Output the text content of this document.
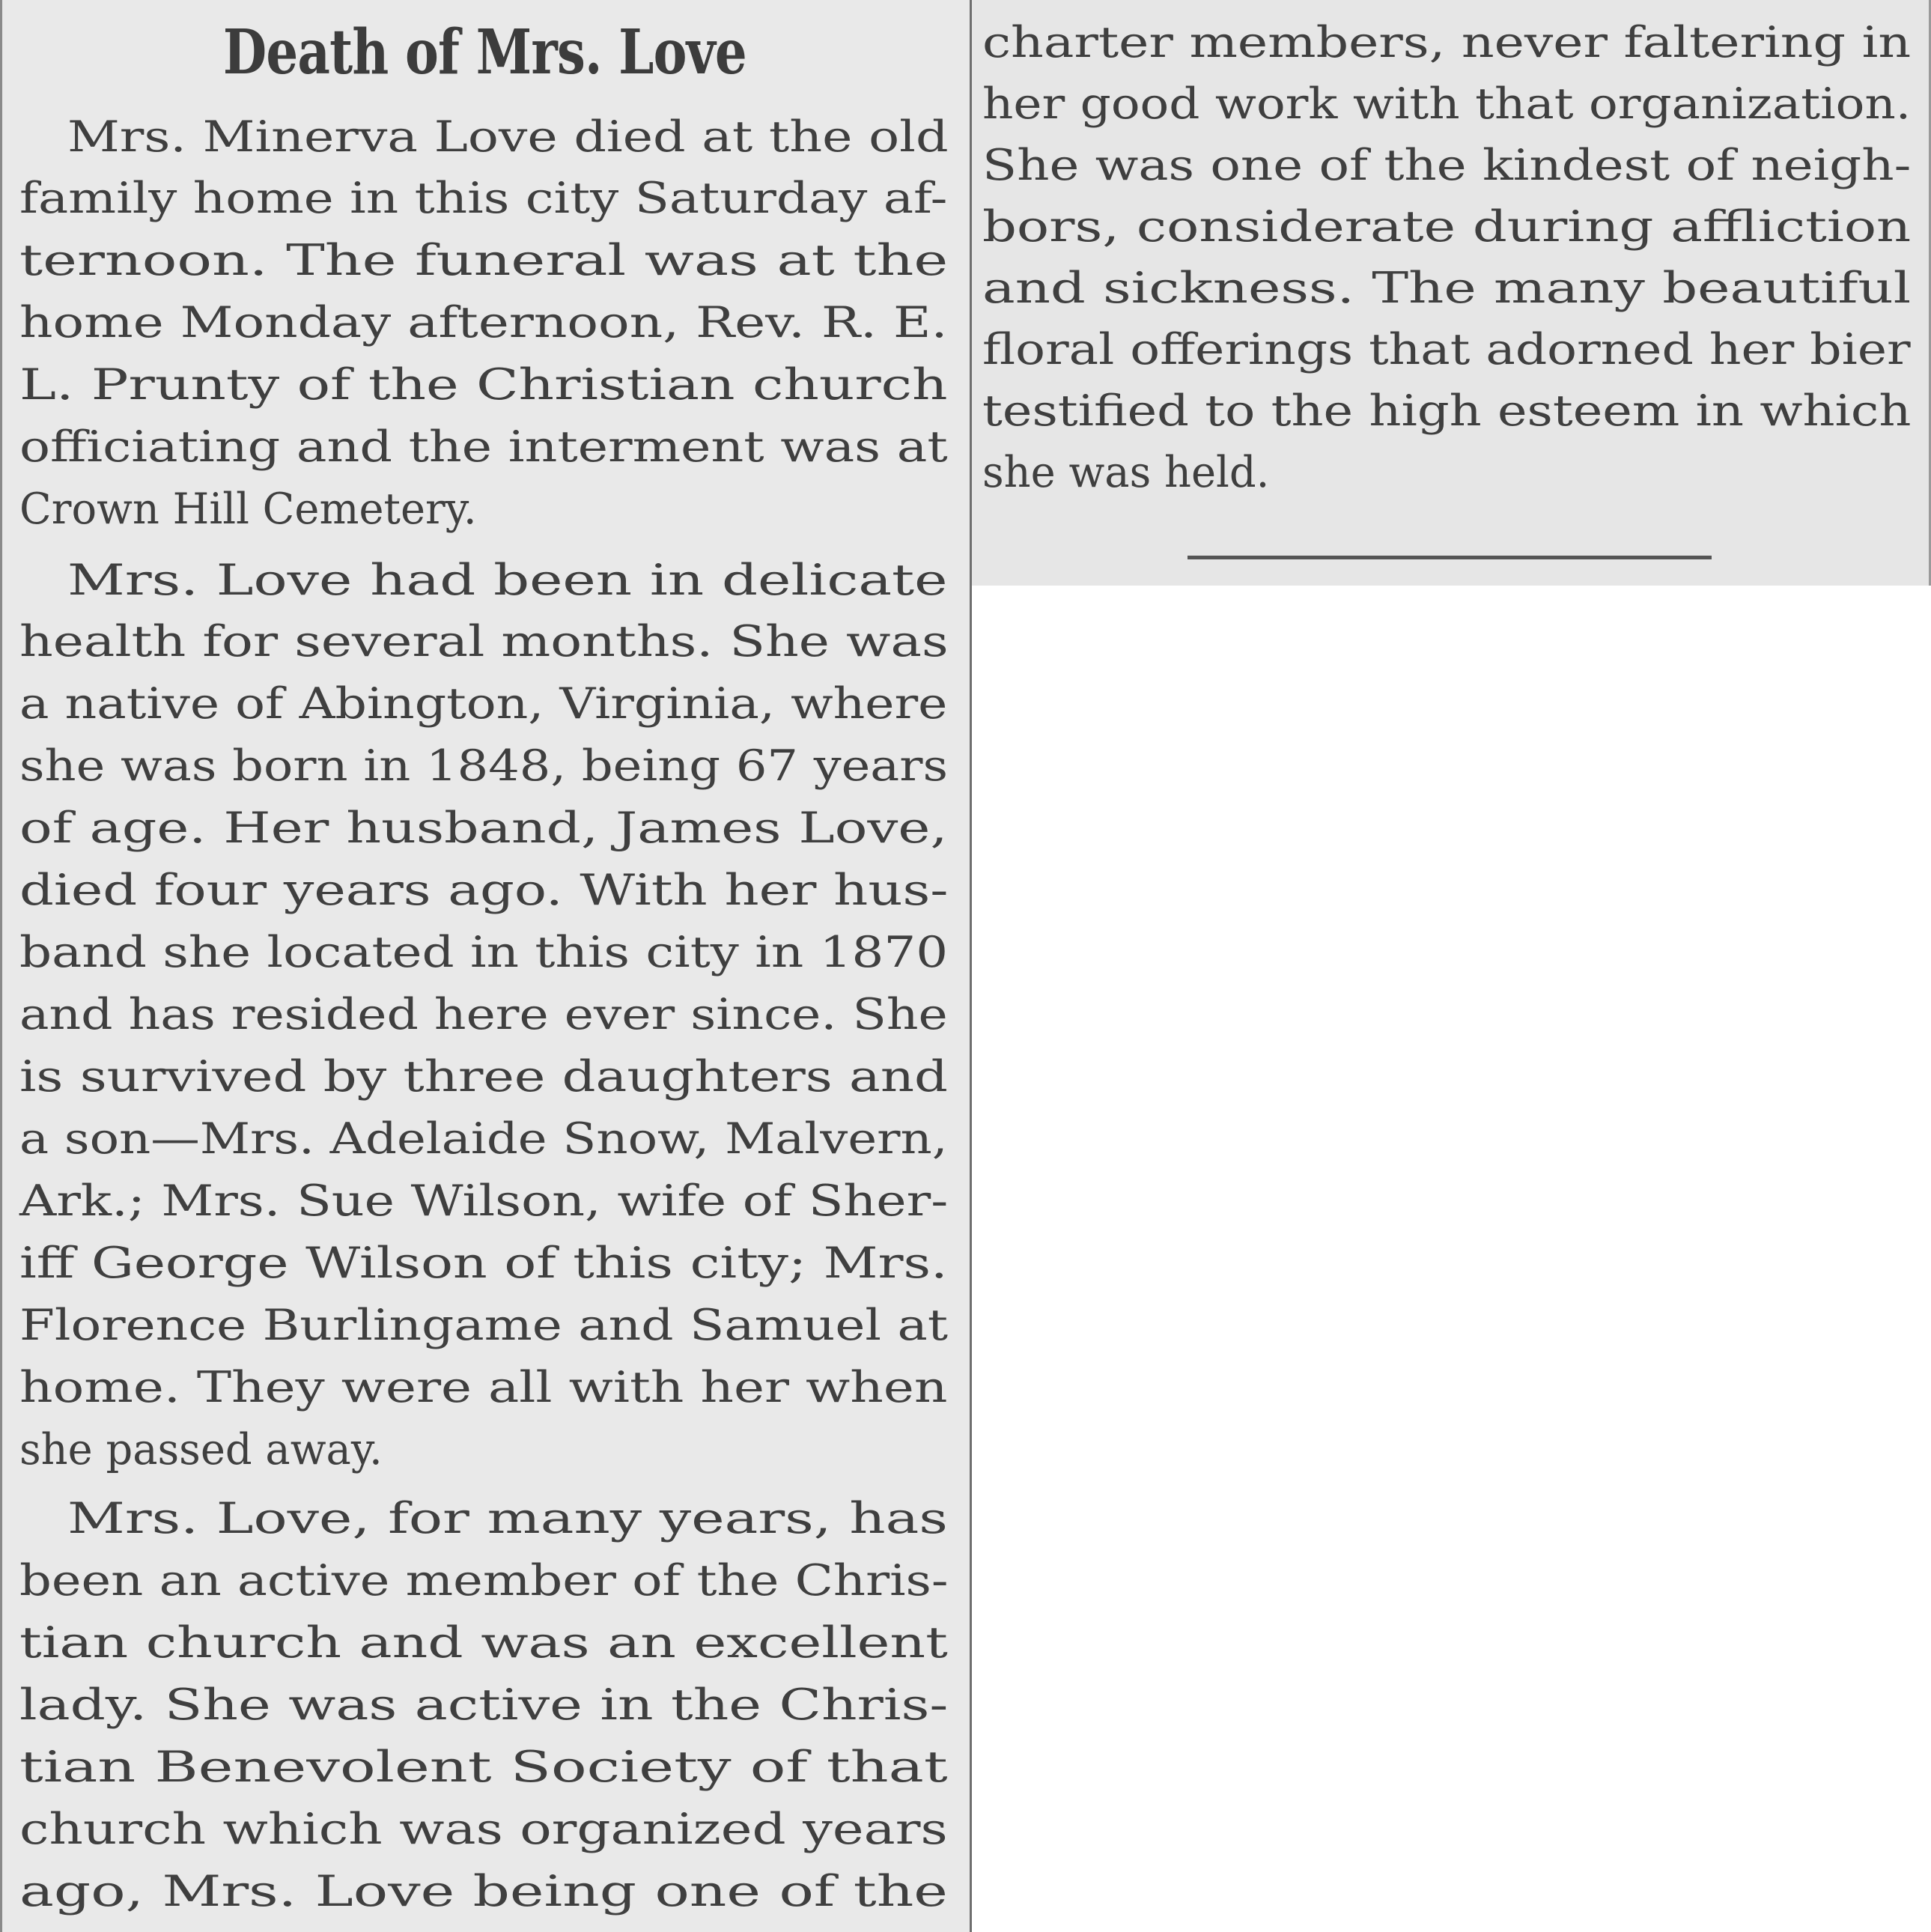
Death of Mrs. Love
Mrs. Minerva Love died at the old
family home in this city Saturday af-
ternoon. The funeral was at the
home Monday afternoon, Rev. R. E.
L. Prunty of the Christian church
officiating and the interment was at
Crown Hill Cemetery.
Mrs. Love had been in delicate
health for several months. She was
a native of Abington, Virginia, where
she was born in 1848, being 67 years
of age. Her husband, James Love,
died four years ago. With her hus-
band she located in this city in 1870
and has resided here ever since. She
is survived by three daughters and
a son—Mrs. Adelaide Snow, Malvern,
Ark.; Mrs. Sue Wilson, wife of Sher-
iff George Wilson of this city; Mrs.
Florence Burlingame and Samuel at
home. They were all with her when
she passed away.
Mrs. Love, for many years, has
been an active member of the Chris-
tian church and was an excellent
lady. She was active in the Chris-
tian Benevolent Society of that
church which was organized years
ago, Mrs. Love being one of the
charter members, never faltering in
her good work with that organization.
She was one of the kindest of neigh-
bors, considerate during affliction
and sickness. The many beautiful
floral offerings that adorned her bier
testified to the high esteem in which
she was held.
